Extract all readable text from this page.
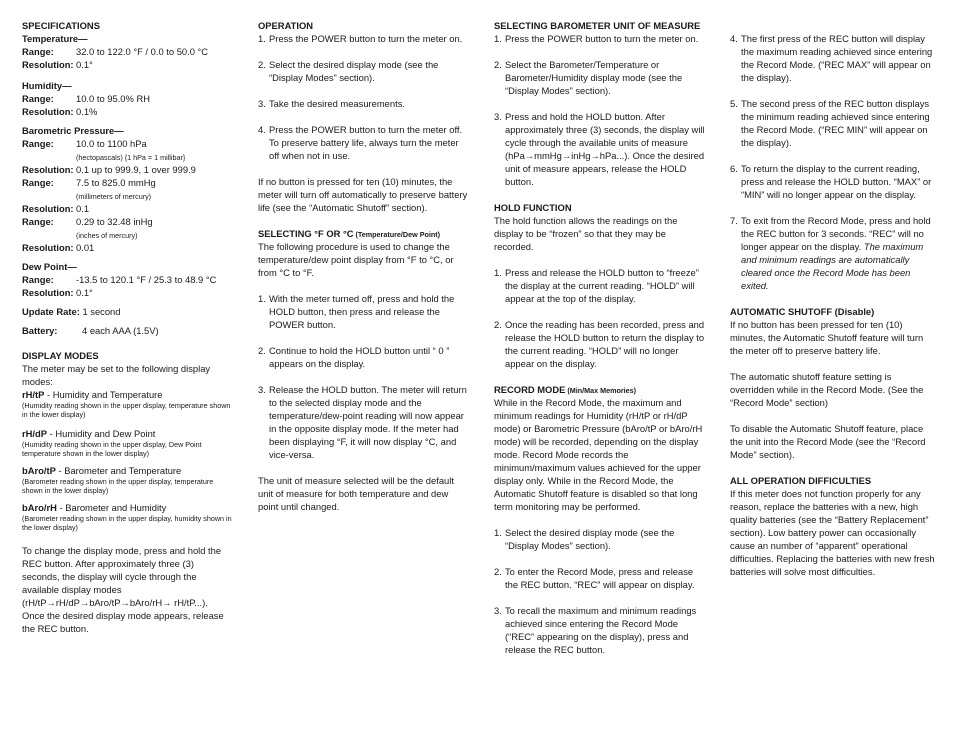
SPECIFICATIONS

Temperature—

Range:	32.0 to 122.0 °F / 0.0 to 50.0 °C
Resolution: 0.1°

Humidity—

Range:	10.0 to 95.0% RH
Resolution: 0.1%

Barometric Pressure—

Range:	10.0 to 1100 hPa
(hectopascals) {1 hPa = 1 millibar}
Resolution: 0.1 up to 999.9, 1 over 999.9
Range:	7.5 to 825.0 mmHg
(millimeters of mercury)
Resolution: 0.1
Range:	0.29 to 32.48 inHg
(inches of mercury)
Resolution: 0.01

Dew Point—

Range:	-13.5 to 120.1 °F / 25.3 to 48.9 °C
Resolution: 0.1°

Update Rate: 1 second

Battery:	4 each AAA (1.5V)

DISPLAY MODES

The meter may be set to the following display modes:

rH/tP - Humidity and Temperature

(Humidity reading shown in the upper display, temperature shown in the lower display)

rH/dP - Humidity and Dew Point

(Humidity reading shown in the upper display, Dew Point temperature shown in the lower display)

bAro/tP - Barometer and Temperature

(Barometer reading shown in the upper display, temperature shown in the lower display)

bAro/rH - Barometer and Humidity

(Barometer reading shown in the upper display, humidity shown in the lower display)

To change the display mode, press and hold the REC button. After approximately three (3) seconds, the display will cycle through the available display modes (rH/tP→rH/dP→bAro/tP→bAro/rH→ rH/tP...). Once the desired display mode appears, release the REC button.

OPERATION

1. Press the POWER button to turn the meter on.
2. Select the desired display mode (see the “Display Modes” section).
3. Take the desired measurements.
4. Press the POWER button to turn the meter off. To preserve battery life, always turn the meter off when not in use.

If no button is pressed for ten (10) minutes, the meter will turn off automatically to preserve battery life (see the “Automatic Shutoff” section).

SELECTING °F OR °C (Temperature/Dew Point)

The following procedure is used to change the temperature/dew point display from °F to °C, or from °C to °F.

1. With the meter turned off, press and hold the HOLD button, then press and release the POWER button.
2. Continue to hold the HOLD button until “ 0 ” appears on the display.
3. Release the HOLD button. The meter will return to the selected display mode and the temperature/dew-point reading will now appear in the opposite display mode. If the meter had been displaying °F, it will now display °C, and vice-versa.

The unit of measure selected will be the default unit of measure for both temperature and dew point until changed.

SELECTING BAROMETER UNIT OF MEASURE

1. Press the POWER button to turn the meter on.
2. Select the Barometer/Temperature or Barometer/Humidity display mode (see the “Display Modes” section).
3. Press and hold the HOLD button. After approximately three (3) seconds, the display will cycle through the available units of measure (hPa→mmHg→inHg→hPa...). Once the desired unit of measure appears, release the HOLD button.

HOLD FUNCTION

The hold function allows the readings on the display to be “frozen” so that they may be recorded.

1. Press and release the HOLD button to “freeze” the display at the current reading. “HOLD” will appear at the top of the display.
2. Once the reading has been recorded, press and release the HOLD button to return the display to the current reading. “HOLD” will no longer appear on the display.

RECORD MODE (Min/Max Memories)

While in the Record Mode, the maximum and minimum readings for Humidity (rH/tP or rH/dP mode) or Barometric Pressure (bAro/tP or bAro/rH mode) will be recorded, depending on the display mode. Record Mode records the minimum/maximum values achieved for the upper display only. While in the Record Mode, the Automatic Shutoff feature is disabled so that long term monitoring may be performed.

1. Select the desired display mode (see the “Display Modes” section).
2. To enter the Record Mode, press and release the REC button. “REC” will appear on display.
3. To recall the maximum and minimum readings achieved since entering the Record Mode (“REC” appearing on the display), press and release the REC button.
4. The first press of the REC button will display the maximum reading achieved since entering the Record Mode. (“REC MAX” will appear on the display).
5. The second press of the REC button displays the minimum reading achieved since entering the Record Mode. (“REC MIN” will appear on the display).
6. To return the display to the current reading, press and release the HOLD button. “MAX” or “MIN” will no longer appear on the display.
7. To exit from the Record Mode, press and hold the REC button for 3 seconds. “REC” will no longer appear on the display. The maximum and minimum readings are automatically cleared once the Record Mode has been exited.

AUTOMATIC SHUTOFF (Disable)

If no button has been pressed for ten (10) minutes, the Automatic Shutoff feature will turn the meter off to preserve battery life.

The automatic shutoff feature setting is overridden while in the Record Mode. (See the “Record Mode” section)

To disable the Automatic Shutoff feature, place the unit into the Record Mode (see the “Record Mode” section).

ALL OPERATION DIFFICULTIES

If this meter does not function properly for any reason, replace the batteries with a new, high quality batteries (see the “Battery Replacement” section). Low battery power can occasionally cause an number of “apparent” operational difficulties. Replacing the batteries with new fresh batteries will solve most difficulties.
